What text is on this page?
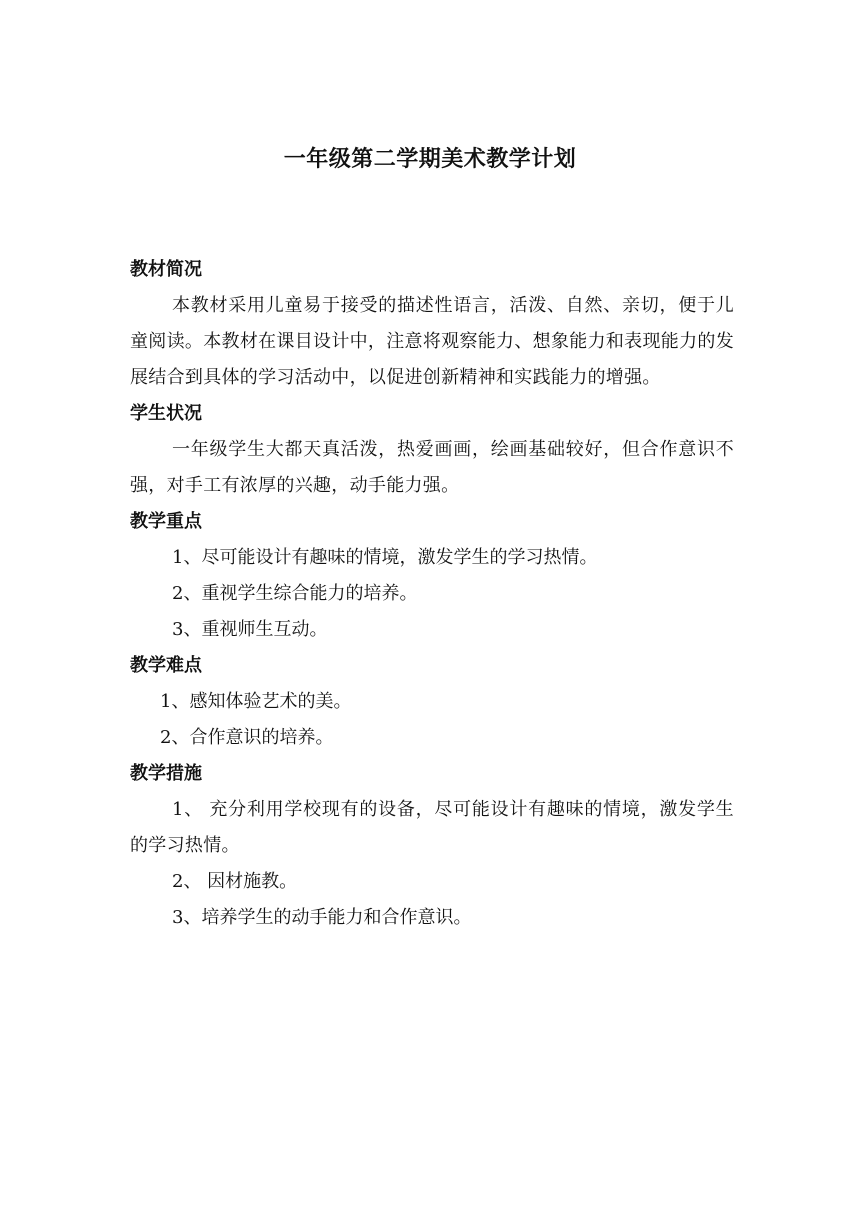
一年级第二学期美术教学计划

教材简况

本教材采用儿童易于接受的描述性语言，活泼、自然、亲切，便于儿童阅读。本教材在课目设计中，注意将观察能力、想象能力和表现能力的发展结合到具体的学习活动中，以促进创新精神和实践能力的增强。

学生状况

一年级学生大都天真活泼，热爱画画，绘画基础较好，但合作意识不强，对手工有浓厚的兴趣，动手能力强。

教学重点

1、尽可能设计有趣味的情境，激发学生的学习热情。

2、重视学生综合能力的培养。

3、重视师生互动。

教学难点

1、感知体验艺术的美。

2、合作意识的培养。

教学措施

1、 充分利用学校现有的设备，尽可能设计有趣味的情境，激发学生的学习热情。

2、 因材施教。

3、培养学生的动手能力和合作意识。
